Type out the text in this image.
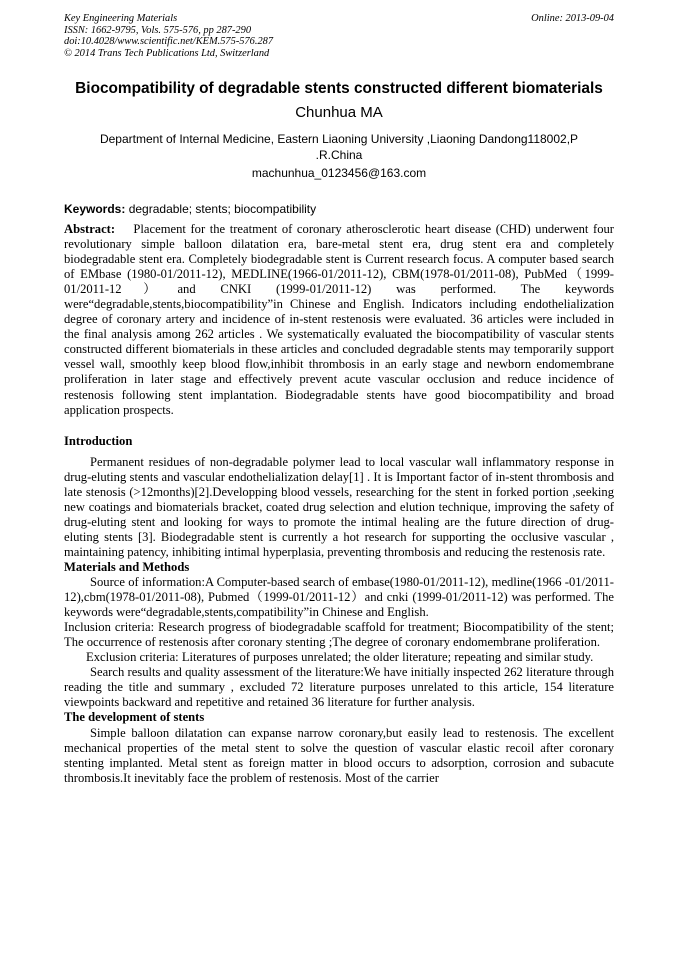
Key Engineering Materials
ISSN: 1662-9795, Vols. 575-576, pp 287-290
doi:10.4028/www.scientific.net/KEM.575-576.287
© 2014 Trans Tech Publications Ltd, Switzerland
Online: 2013-09-04
Biocompatibility of degradable stents constructed different biomaterials
Chunhua MA
Department of Internal Medicine, Eastern Liaoning University ,Liaoning Dandong118002,P .R.China
machunhua_0123456@163.com
Keywords: degradable; stents; biocompatibility

Abstract: Placement for the treatment of coronary atherosclerotic heart disease (CHD) underwent four revolutionary simple balloon dilatation era, bare-metal stent era, drug stent era and completely biodegradable stent era. Completely biodegradable stent is Current research focus. A computer based search of EMbase (1980-01/2011-12), MEDLINE(1966-01/2011-12), CBM(1978-01/2011-08), PubMed（1999-01/2011-12）and CNKI (1999-01/2011-12) was performed. The keywords were“degradable,stents,biocompatibility”in Chinese and English. Indicators including endothelialization degree of coronary artery and incidence of in-stent restenosis were evaluated. 36 articles were included in the final analysis among 262 articles . We systematically evaluated the biocompatibility of vascular stents constructed different biomaterials in these articles and concluded degradable stents may temporarily support vessel wall, smoothly keep blood flow,inhibit thrombosis in an early stage and newborn endomembrane proliferation in later stage and effectively prevent acute vascular occlusion and reduce incidence of restenosis following stent implantation. Biodegradable stents have good biocompatibility and broad application prospects.

Introduction

Permanent residues of non-degradable polymer lead to local vascular wall inflammatory response in drug-eluting stents and vascular endothelialization delay[1] . It is Important factor of in-stent thrombosis and late stenosis (>12months)[2].Developping blood vessels, researching for the stent in forked portion ,seeking new coatings and biomaterials bracket, coated drug selection and elution technique, improving the safety of drug-eluting stent and looking for ways to promote the intimal healing are the future direction of drug-eluting stents [3]. Biodegradable stent is currently a hot research for supporting the occlusive vascular , maintaining patency, inhibiting intimal hyperplasia, preventing thrombosis and reducing the restenosis rate.

Materials and Methods

Source of information:A Computer-based search of embase(1980-01/2011-12), medline(1966 -01/2011-12),cbm(1978-01/2011-08), Pubmed（1999-01/2011-12）and cnki (1999-01/2011-12) was performed. The keywords were“degradable,stents,compatibility”in Chinese and English.

Inclusion criteria: Research progress of biodegradable scaffold for treatment; Biocompatibility of the stent; The occurrence of restenosis after coronary stenting ;The degree of coronary endomembrane proliferation.

Exclusion criteria: Literatures of purposes unrelated; the older literature; repeating and similar study.

Search results and quality assessment of the literature:We have initially inspected 262 literature through reading the title and summary , excluded 72 literature purposes unrelated to this article, 154 literature viewpoints backward and repetitive and retained 36 literature for further analysis.

The development of stents

Simple balloon dilatation can expanse narrow coronary,but easily lead to restenosis. The excellent mechanical properties of the metal stent to solve the question of vascular elastic recoil after coronary stenting implanted. Metal stent as foreign matter in blood occurs to adsorption, corrosion and subacute thrombosis.It inevitably face the problem of restenosis. Most of the carrier
